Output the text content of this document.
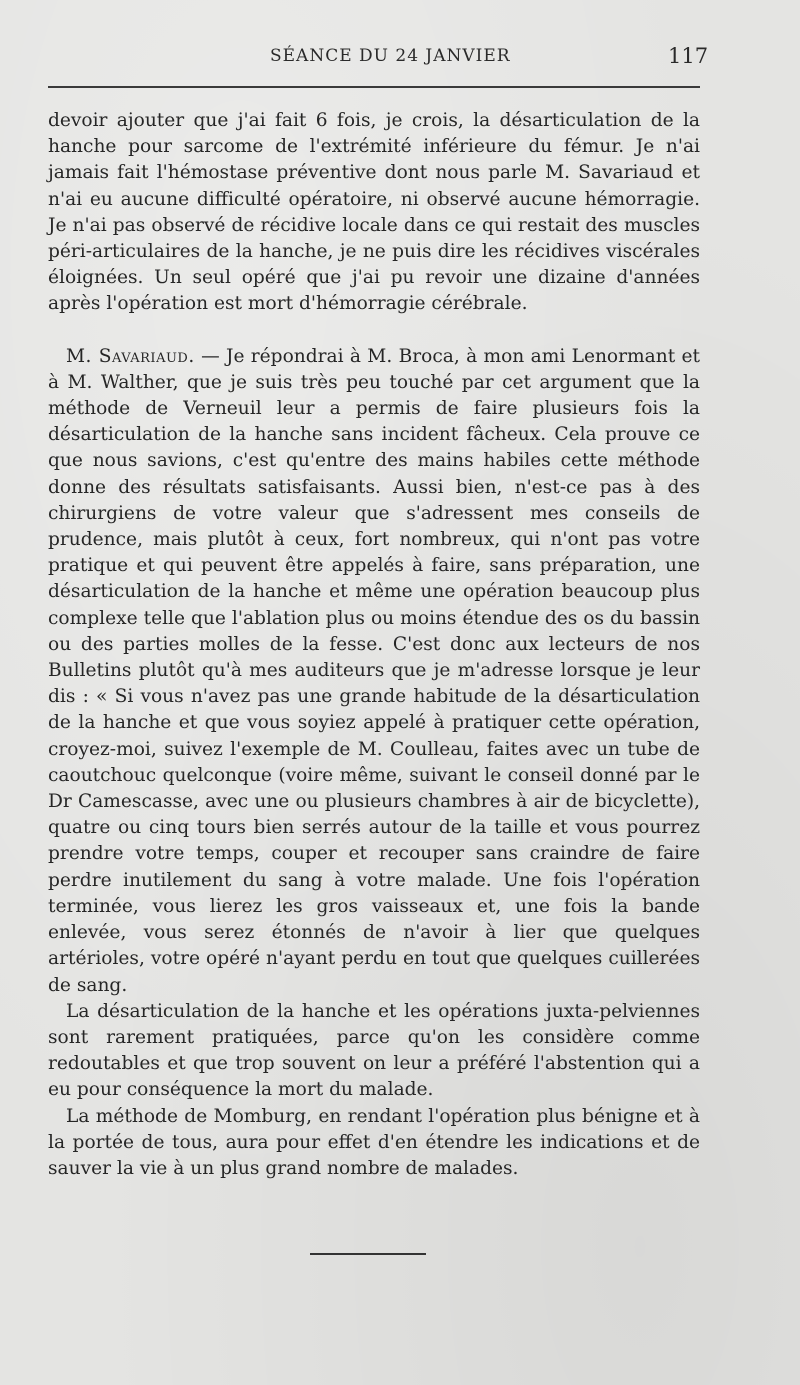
SÉANCE DU 24 JANVIER	117

devoir ajouter que j'ai fait 6 fois, je crois, la désarticulation de la hanche pour sarcome de l'extrémité inférieure du fémur. Je n'ai jamais fait l'hémostase préventive dont nous parle M. Savariaud et n'ai eu aucune difficulté opératoire, ni observé aucune hémorragie. Je n'ai pas observé de récidive locale dans ce qui restait des muscles péri-articulaires de la hanche, je ne puis dire les récidives viscérales éloignées. Un seul opéré que j'ai pu revoir une dizaine d'années après l'opération est mort d'hémorragie cérébrale.

M. Savariaud. — Je répondrai à M. Broca, à mon ami Lenormant et à M. Walther, que je suis très peu touché par cet argument que la méthode de Verneuil leur a permis de faire plusieurs fois la désarticulation de la hanche sans incident fâcheux. Cela prouve ce que nous savions, c'est qu'entre des mains habiles cette méthode donne des résultats satisfaisants. Aussi bien, n'est-ce pas à des chirurgiens de votre valeur que s'adressent mes conseils de prudence, mais plutôt à ceux, fort nombreux, qui n'ont pas votre pratique et qui peuvent être appelés à faire, sans préparation, une désarticulation de la hanche et même une opération beaucoup plus complexe telle que l'ablation plus ou moins étendue des os du bassin ou des parties molles de la fesse. C'est donc aux lecteurs de nos Bulletins plutôt qu'à mes auditeurs que je m'adresse lorsque je leur dis : « Si vous n'avez pas une grande habitude de la désarticulation de la hanche et que vous soyiez appelé à pratiquer cette opération, croyez-moi, suivez l'exemple de M. Coulleau, faites avec un tube de caoutchouc quelconque (voire même, suivant le conseil donné par le Dr Camescasse, avec une ou plusieurs chambres à air de bicyclette), quatre ou cinq tours bien serrés autour de la taille et vous pourrez prendre votre temps, couper et recouper sans craindre de faire perdre inutilement du sang à votre malade. Une fois l'opération terminée, vous lierez les gros vaisseaux et, une fois la bande enlevée, vous serez étonnés de n'avoir à lier que quelques artérioles, votre opéré n'ayant perdu en tout que quelques cuillerées de sang.

La désarticulation de la hanche et les opérations juxta-pelviennes sont rarement pratiquées, parce qu'on les considère comme redoutables et que trop souvent on leur a préféré l'abstention qui a eu pour conséquence la mort du malade.

La méthode de Momburg, en rendant l'opération plus bénigne et à la portée de tous, aura pour effet d'en étendre les indications et de sauver la vie à un plus grand nombre de malades.
